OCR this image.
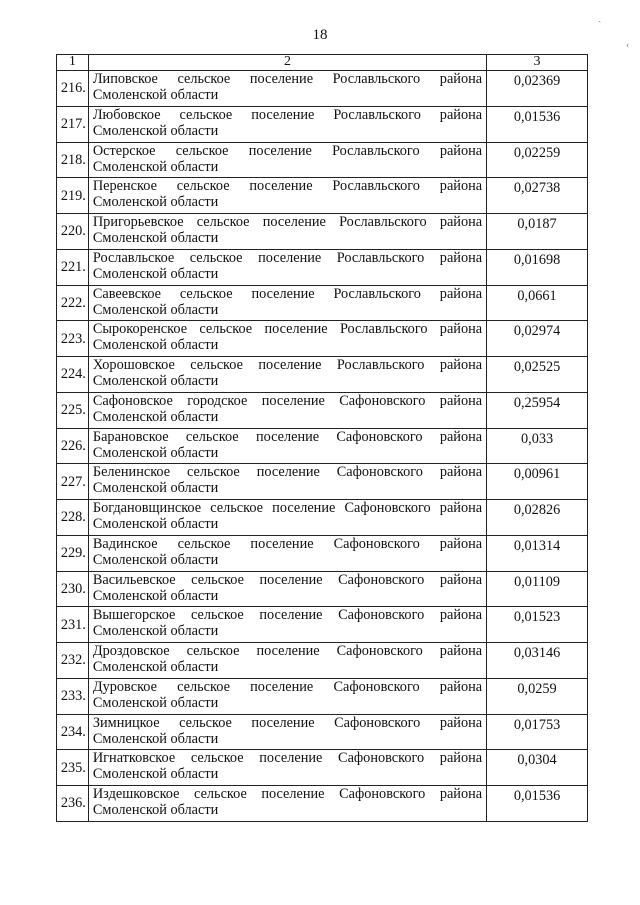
18
ˎ
‹
1	2	3
216.	Липовское сельское поселение Рославльского района Смоленской области	0,02369
217.	Любовское сельское поселение Рославльского района Смоленской области	0,01536
218.	Остерское сельское поселение Рославльского района Смоленской области	0,02259
219.	Перенское сельское поселение Рославльского района Смоленской области	0,02738
220.	Пригорьевское сельское поселение Рославльского района Смоленской области	0,0187
221.	Рославльское сельское поселение Рославльского района Смоленской области	0,01698
222.	Савеевское сельское поселение Рославльского района Смоленской области	0,0661
223.	Сырокоренское сельское поселение Рославльского района Смоленской области	0,02974
224.	Хорошовское сельское поселение Рославльского района Смоленской области	0,02525
225.	Сафоновское городское поселение Сафоновского района Смоленской области	0,25954
226.	Барановское сельское поселение Сафоновского района Смоленской области	0,033
227.	Беленинское сельское поселение Сафоновского района Смоленской области	0,00961
228.	Богдановщинское сельское поселение Сафоновского района Смоленской области	0,02826
229.	Вадинское сельское поселение Сафоновского района Смоленской области	0,01314
230.	Васильевское сельское поселение Сафоновского района Смоленской области	0,01109
231.	Вышегорское сельское поселение Сафоновского района Смоленской области	0,01523
232.	Дроздовское сельское поселение Сафоновского района Смоленской области	0,03146
233.	Дуровское сельское поселение Сафоновского района Смоленской области	0,0259
234.	Зимницкое сельское поселение Сафоновского района Смоленской области	0,01753
235.	Игнатковское сельское поселение Сафоновского района Смоленской области	0,0304
236.	Издешковское сельское поселение Сафоновского района Смоленской области	0,01536
